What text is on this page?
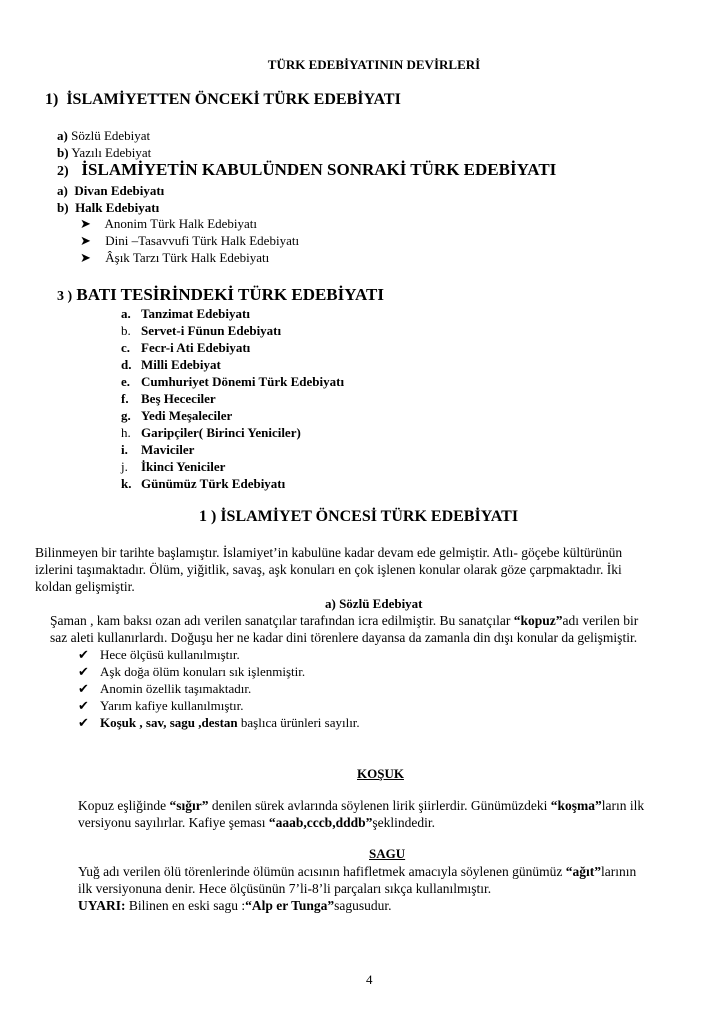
TÜRK EDEBİYATININ DEVİRLERİ
1) İSLAMİYETTEN ÖNCEKİ TÜRK EDEBİYATI
a) Sözlü Edebiyat
b) Yazılı Edebiyat
2) İSLAMİYETİN KABULÜNDEN SONRAKİ TÜRK EDEBİYATI
a) Divan Edebiyatı
b) Halk Edebiyatı
➤ Anonim Türk Halk Edebiyatı
➤ Dini –Tasavvufi Türk Halk Edebiyatı
➤ Âşık Tarzı Türk Halk Edebiyatı
3 ) BATI TESİRİNDEKİ TÜRK EDEBİYATI
a. Tanzimat Edebiyatı
b. Servet-i Fünun Edebiyatı
c. Fecr-i Ati Edebiyatı
d. Milli Edebiyat
e. Cumhuriyet Dönemi Türk Edebiyatı
f. Beş Hececiler
g. Yedi Meşaleciler
h. Garipçiler( Birinci Yeniciler)
i. Maviciler
j. İkinci Yeniciler
k. Günümüz Türk Edebiyatı
1 ) İSLAMİYET ÖNCESİ TÜRK EDEBİYATI
Bilinmeyen bir tarihte başlamıştır. İslamiyet’in kabulüne kadar devam ede gelmiştir. Atlı- göçebe kültürünün
izlerini taşımaktadır. Ölüm, yiğitlik, savaş, aşk konuları en çok işlenen konular olarak göze çarpmaktadır. İki
koldan gelişmiştir.
a) Sözlü Edebiyat
Şaman , kam baksı ozan adı verilen sanatçılar tarafından icra edilmiştir. Bu sanatçılar “kopuz”adı verilen bir
saz aleti kullanırlardı. Doğuşu her ne kadar dini törenlere dayansa da zamanla din dışı konular da gelişmiştir.
✔ Hece ölçüsü kullanılmıştır.
✔ Aşk doğa ölüm konuları sık işlenmiştir.
✔ Anomin özellik taşımaktadır.
✔ Yarım kafiye kullanılmıştır.
✔ Koşuk , sav, sagu ,destan başlıca ürünleri sayılır.
KOŞUK
Kopuz eşliğinde “sığır” denilen sürek avlarında söylenen lirik şiirlerdir. Günümüzdeki “koşma”ların ilk
versiyonu sayılırlar. Kafiye şeması “aaab,cccb,dddb”şeklindedir.
SAGU
Yuğ adı verilen ölü törenlerinde ölümün acısının hafifletmek amacıyla söylenen günümüz “ağıt”larının
ilk versiyonuna denir. Hece ölçüsünün 7’li-8’li parçaları sıkça kullanılmıştır.
UYARI: Bilinen en eski sagu :“Alp er Tunga”sagusudur.
4
